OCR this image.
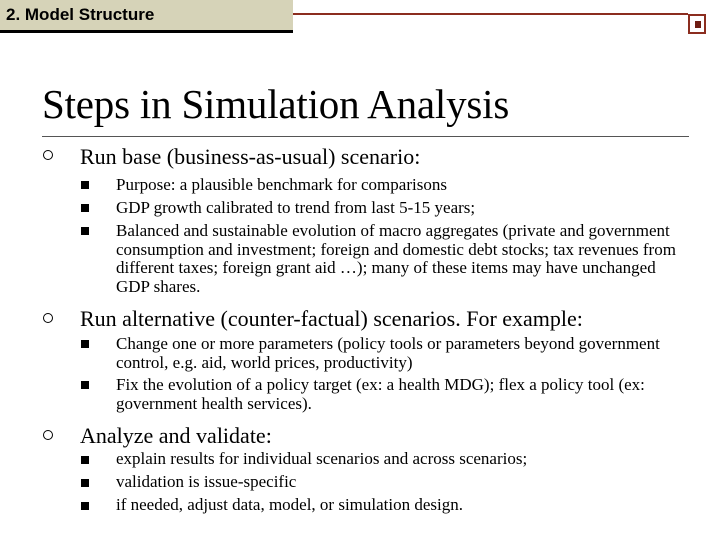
2. Model Structure
Steps in Simulation Analysis
Run base (business-as-usual) scenario:
Purpose: a plausible benchmark for comparisons
GDP growth calibrated to trend from last 5-15 years;
Balanced and sustainable evolution of macro aggregates (private and government consumption and investment; foreign and domestic debt stocks; tax revenues from different taxes; foreign grant aid …); many of these items may have unchanged GDP shares.
Run alternative (counter-factual) scenarios. For example:
Change one or more parameters (policy tools or parameters beyond government control, e.g. aid, world prices, productivity)
Fix the evolution of a policy target (ex: a health MDG); flex a policy tool (ex: government health services).
Analyze and validate:
explain results for individual scenarios and across scenarios;
validation is issue-specific
if needed, adjust data, model, or simulation design.
